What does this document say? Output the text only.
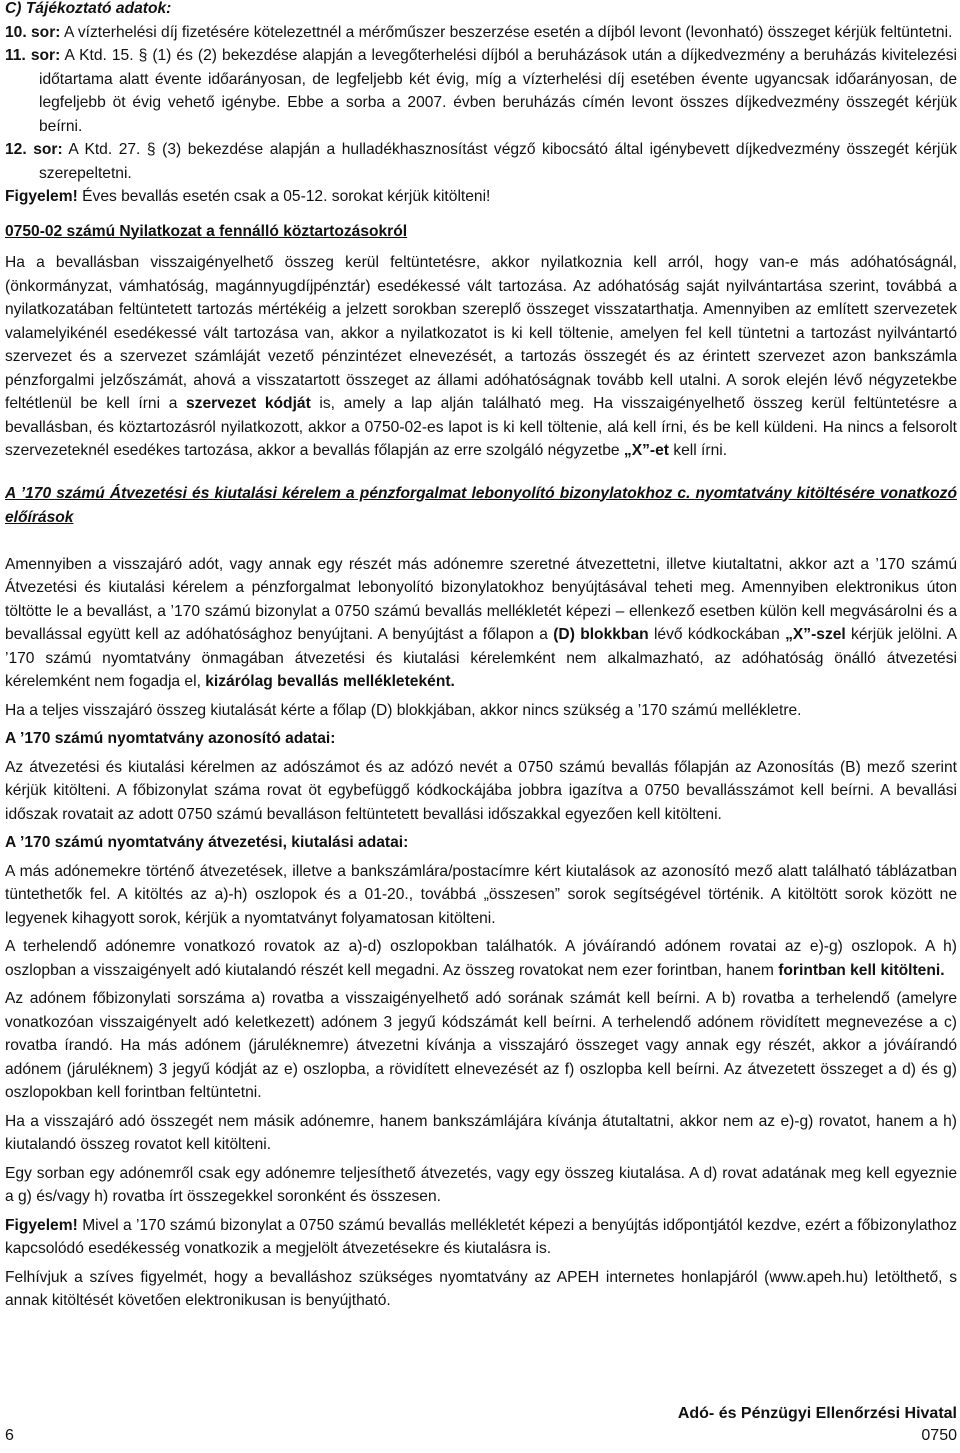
C) Tájékoztató adatok:

10. sor: A vízterhelési díj fizetésére kötelezettnél a mérőműszer beszerzése esetén a díjból levont (levonható) összeget kérjük feltüntetni.

11. sor: A Ktd. 15. § (1) és (2) bekezdése alapján a levegőterhelési díjból a beruházások után a díjkedvezmény a beruházás kivitelezési időtartama alatt évente időarányosan, de legfeljebb két évig, míg a vízterhelési díj esetében évente ugyancsak időarányosan, de legfeljebb öt évig vehető igénybe. Ebbe a sorba a 2007. évben beruházás címén levont összes díjkedvezmény összegét kérjük beírni.

12. sor: A Ktd. 27. § (3) bekezdése alapján a hulladékhasznosítást végző kibocsátó által igénybevett díjkedvezmény összegét kérjük szerepeltetni.

Figyelem! Éves bevallás esetén csak a 05-12. sorokat kérjük kitölteni!

0750-02 számú Nyilatkozat a fennálló köztartozásokról

Ha a bevallásban visszaigényelhető összeg kerül feltüntetésre, akkor nyilatkoznia kell arról, hogy van-e más adóhatóságnál, (önkormányzat, vámhatóság, magánnyugdíjpénztár) esedékessé vált tartozása. Az adóhatóság saját nyilvántartása szerint, továbbá a nyilatkozatában feltüntetett tartozás mértékéig a jelzett sorokban szereplő összeget visszatarthatja. Amennyiben az említett szervezetek valamelyikénél esedékessé vált tartozása van, akkor a nyilatkozatot is ki kell töltenie, amelyen fel kell tüntetni a tartozást nyilvántartó szervezet és a szervezet számláját vezető pénzintézet elnevezését, a tartozás összegét és az érintett szervezet azon bankszámla pénzforgalmi jelzőszámát, ahová a visszatartott összeget az állami adóhatóságnak tovább kell utalni. A sorok elején lévő négyzetekbe feltétlenül be kell írni a szervezet kódját is, amely a lap alján található meg. Ha visszaigényelhető összeg kerül feltüntetésre a bevallásban, és köztartozásról nyilatkozott, akkor a 0750-02-es lapot is ki kell töltenie, alá kell írni, és be kell küldeni. Ha nincs a felsorolt szervezeteknél esedékes tartozása, akkor a bevallás főlapján az erre szolgáló négyzetbe „X”-et kell írni.

A ’170 számú Átvezetési és kiutalási kérelem a pénzforgalmat lebonyolító bizonylatokhoz c. nyomtatvány kitöltésére vonatkozó előírások

Amennyiben a visszajáró adót, vagy annak egy részét más adónemre szeretné átvezettetni, illetve kiutaltatni, akkor azt a ’170 számú Átvezetési és kiutalási kérelem a pénzforgalmat lebonyolító bizonylatokhoz benyújtásával teheti meg. Amennyiben elektronikus úton töltötte le a bevallást, a ’170 számú bizonylat a 0750 számú bevallás mellékletét képezi – ellenkező esetben külön kell megvásárolni és a bevallással együtt kell az adóhatósághoz benyújtani. A benyújtást a főlapon a (D) blokkban lévő kódkockában „X”-szel kérjük jelölni. A ’170 számú nyomtatvány önmagában átvezetési és kiutalási kérelemként nem alkalmazható, az adóhatóság önálló átvezetési kérelemként nem fogadja el, kizárólag bevallás mellékleteként.

Ha a teljes visszajáró összeg kiutalását kérte a főlap (D) blokkjában, akkor nincs szükség a ’170 számú mellékletre.

A ’170 számú nyomtatvány azonosító adatai:

Az átvezetési és kiutalási kérelmen az adószámot és az adózó nevét a 0750 számú bevallás főlapján az Azonosítás (B) mező szerint kérjük kitölteni. A főbizonylat száma rovat öt egybefüggő kódkockájába jobbra igazítva a 0750 bevallásszámot kell beírni. A bevallási időszak rovatait az adott 0750 számú bevalláson feltüntetett bevallási időszakkal egyezően kell kitölteni.

A ’170 számú nyomtatvány átvezetési, kiutalási adatai:

A más adónemekre történő átvezetések, illetve a bankszámlára/postacímre kért kiutalások az azonosító mező alatt található táblázatban tüntethetők fel. A kitöltés az a)-h) oszlopok és a 01-20., továbbá „összesen” sorok segítségével történik. A kitöltött sorok között ne legyenek kihagyott sorok, kérjük a nyomtatványt folyamatosan kitölteni.

A terhelendő adónemre vonatkozó rovatok az a)-d) oszlopokban találhatók. A jóváírandó adónem rovatai az e)-g) oszlopok. A h) oszlopban a visszaigényelt adó kiutalandó részét kell megadni. Az összeg rovatokat nem ezer forintban, hanem forintban kell kitölteni.

Az adónem főbizonylati sorszáma a) rovatba a visszaigényelhető adó sorának számát kell beírni. A b) rovatba a terhelendő (amelyre vonatkozóan visszaigényelt adó keletkezett) adónem 3 jegyű kódszámát kell beírni. A terhelendő adónem rövidített megnevezése a c) rovatba írandó. Ha más adónem (járuléknemre) átvezetni kívánja a visszajáró összeget vagy annak egy részét, akkor a jóváírandó adónem (járuléknem) 3 jegyű kódját az e) oszlopba, a rövidített elnevezését az f) oszlopba kell beírni. Az átvezetett összeget a d) és g) oszlopokban kell forintban feltüntetni.

Ha a visszajáró adó összegét nem másik adónemre, hanem bankszámlájára kívánja átutaltatni, akkor nem az e)-g) rovatot, hanem a h) kiutalandó összeg rovatot kell kitölteni.

Egy sorban egy adónemről csak egy adónemre teljesíthető átvezetés, vagy egy összeg kiutalása. A d) rovat adatának meg kell egyeznie a g) és/vagy h) rovatba írt összegekkel soronként és összesen.

Figyelem! Mivel a ’170 számú bizonylat a 0750 számú bevallás mellékletét képezi a benyújtás időpontjától kezdve, ezért a főbizonylathoz kapcsolódó esedékesség vonatkozik a megjelölt átvezetésekre és kiutalásra is.

Felhívjuk a szíves figyelmét, hogy a bevalláshoz szükséges nyomtatvány az APEH internetes honlapjáról (www.apeh.hu) letölthető, s annak kitöltését követően elektronikusan is benyújtható.

Adó- és Pénzügyi Ellenőrzési Hivatal
6	0750
